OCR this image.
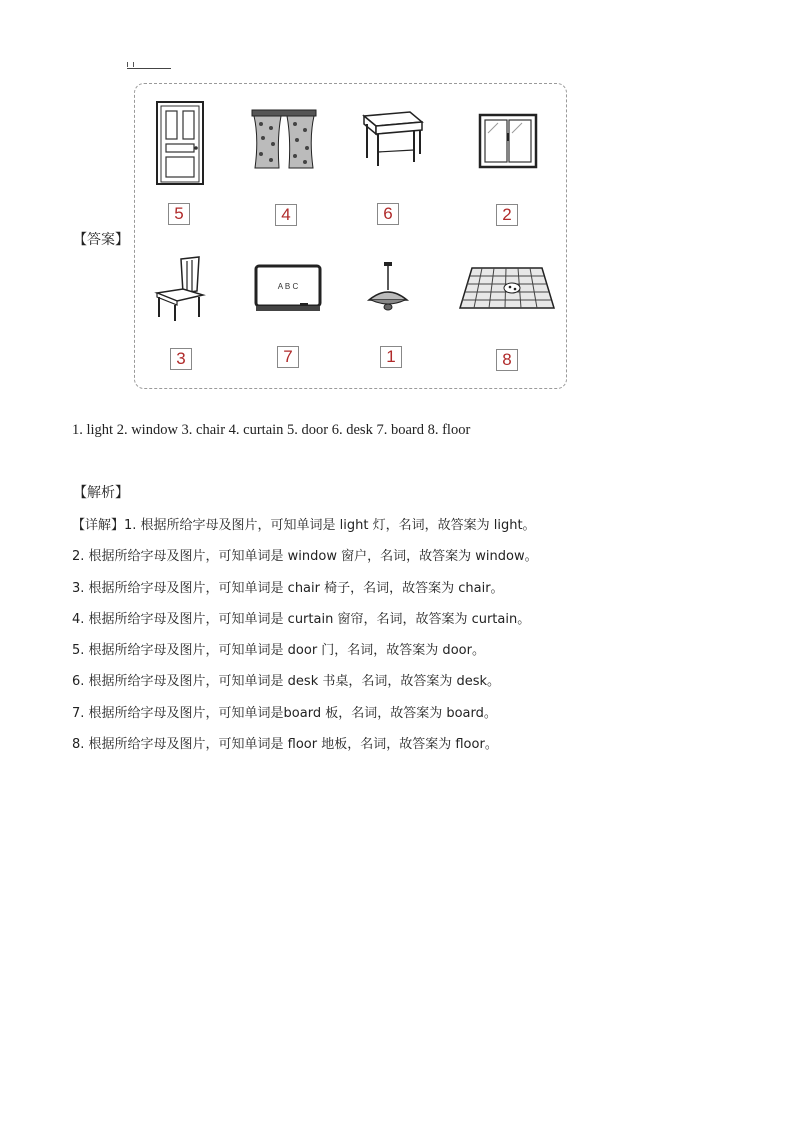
【答案】
5	4	6	2
A B C
3	7	1	8
1. light 2. window 3. chair 4. curtain 5. door 6. desk 7. board 8. floor
【解析】
【详解】1. 根据所给字母及图片，可知单词是 light 灯，名词，故答案为 light。
2. 根据所给字母及图片，可知单词是 window 窗户，名词，故答案为 window。
3. 根据所给字母及图片，可知单词是 chair 椅子，名词，故答案为 chair。
4. 根据所给字母及图片，可知单词是 curtain 窗帘，名词，故答案为 curtain。
5. 根据所给字母及图片，可知单词是 door 门，名词，故答案为 door。
6. 根据所给字母及图片，可知单词是 desk 书桌，名词，故答案为 desk。
7. 根据所给字母及图片，可知单词是board 板，名词，故答案为 board。
8. 根据所给字母及图片，可知单词是 floor 地板，名词，故答案为 floor。
